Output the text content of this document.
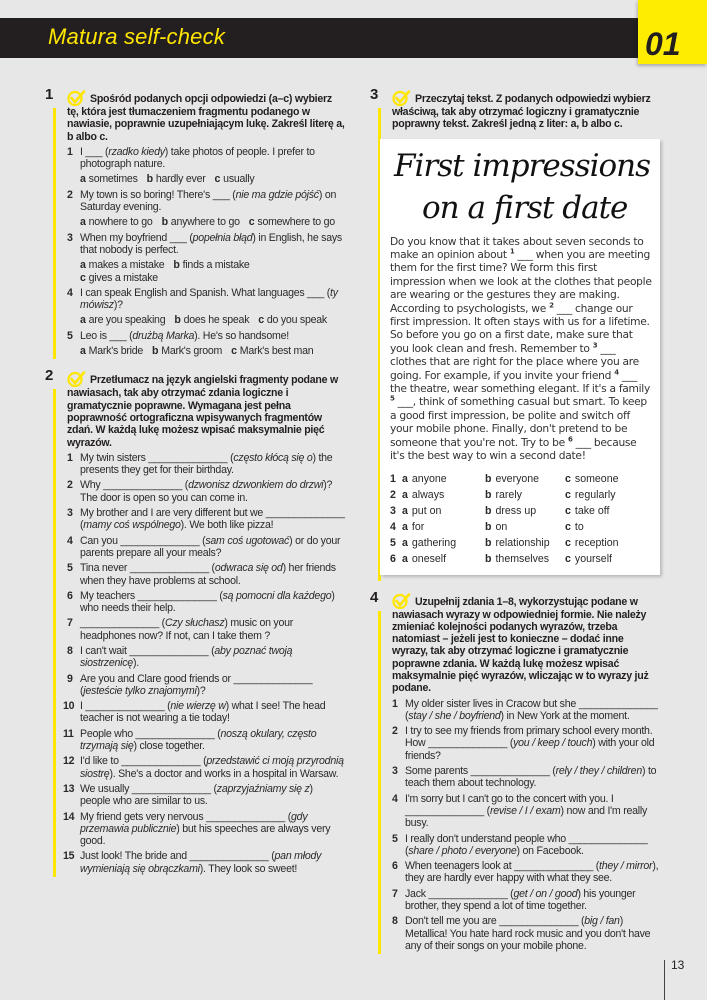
Matura self-check	01
1	Spośród podanych opcji odpowiedzi (a–c) wybierz tę, która jest tłumaczeniem fragmentu podanego w nawiasie, poprawnie uzupełniającym lukę. Zakreśl literę a, b albo c.
1 I ___ (rzadko kiedy) take photos of people. I prefer to photograph nature.
a sometimes b hardly ever c usually
2 My town is so boring! There's ___ (nie ma gdzie pójść) on Saturday evening.
a nowhere to go b anywhere to go c somewhere to go
3 When my boyfriend ___ (popełnia błąd) in English, he says that nobody is perfect.
a makes a mistake b finds a mistake
c gives a mistake
4 I can speak English and Spanish. What languages ___ (ty mówisz)?
a are you speaking b does he speak c do you speak
5 Leo is ___ (drużbą Marka). He's so handsome!
a Mark's bride b Mark's groom c Mark's best man
2	Przetłumacz na język angielski fragmenty podane w nawiasach, tak aby otrzymać zdania logiczne i gramatycznie poprawne. Wymagana jest pełna poprawność ortograficzna wpisywanych fragmentów zdań. W każdą lukę możesz wpisać maksymalnie pięć wyrazów.
1 My twin sisters ______________ (często kłócą się o) the presents they get for their birthday.
2 Why ______________ (dzwonisz dzwonkiem do drzwi)? The door is open so you can come in.
3 My brother and I are very different but we ______________ (mamy coś wspólnego). We both like pizza!
4 Can you ______________ (sam coś ugotować) or do your parents prepare all your meals?
5 Tina never ______________ (odwraca się od) her friends when they have problems at school.
6 My teachers ______________ (są pomocni dla każdego) who needs their help.
7 ______________ (Czy słuchasz) music on your headphones now? If not, can I take them ?
8 I can't wait ______________ (aby poznać twoją siostrzenicę).
9 Are you and Clare good friends or ______________ (jesteście tylko znajomymi)?
10 I ______________ (nie wierzę w) what I see! The head teacher is not wearing a tie today!
11 People who ______________ (noszą okulary, często trzymają się) close together.
12 I'd like to ______________ (przedstawić ci moją przyrodnią siostrę). She's a doctor and works in a hospital in Warsaw.
13 We usually ______________ (zaprzyjaźniamy się z) people who are similar to us.
14 My friend gets very nervous ______________ (gdy przemawia publicznie) but his speeches are always very good.
15 Just look! The bride and ______________ (pan młody wymieniają się obrączkami). They look so sweet!
3	Przeczytaj tekst. Z podanych odpowiedzi wybierz właściwą, tak aby otrzymać logiczny i gramatycznie poprawny tekst. Zakreśl jedną z liter: a, b albo c.
First impressions
on a first date
Do you know that it takes about seven seconds to make an opinion about $^1$ ___ when you are meeting them for the first time? We form this first impression when we look at the clothes that people are wearing or the gestures they are making. According to psychologists, we $^2$ ___ change our first impression. It often stays with us for a lifetime. So before you go on a first date, make sure that you look clean and fresh. Remember to $^3$ ___ clothes that are right for the place where you are going. For example, if you invite your friend $^4$ ___ the theatre, wear something elegant. If it's a family $^5$ ___, think of something casual but smart. To keep a good first impression, be polite and switch off your mobile phone. Finally, don't pretend to be someone that you're not. Try to be $^6$ ___ because it's the best way to win a second date!
1 a anyone	b everyone	c someone
2 a always	b rarely	c regularly
3 a put on	b dress up	c take off
4 a for	b on	c to
5 a gathering	b relationship	c reception
6 a oneself	b themselves	c yourself
4	Uzupełnij zdania 1–8, wykorzystując podane w nawiasach wyrazy w odpowiedniej formie. Nie należy zmieniać kolejności podanych wyrazów, trzeba natomiast – jeżeli jest to konieczne – dodać inne wyrazy, tak aby otrzymać logiczne i gramatycznie poprawne zdania. W każdą lukę możesz wpisać maksymalnie pięć wyrazów, wliczając w to wyrazy już podane.
1 My older sister lives in Cracow but she ______________ (stay / she / boyfriend) in New York at the moment.
2 I try to see my friends from primary school every month. How ______________ (you / keep / touch) with your old friends?
3 Some parents ______________ (rely / they / children) to teach them about technology.
4 I'm sorry but I can't go to the concert with you. I ______________ (revise / I / exam) now and I'm really busy.
5 I really don't understand people who ______________ (share / photo / everyone) on Facebook.
6 When teenagers look at ______________ (they / mirror), they are hardly ever happy with what they see.
7 Jack ______________ (get / on / good) his younger brother, they spend a lot of time together.
8 Don't tell me you are ______________ (big / fan) Metallica! You hate hard rock music and you don't have any of their songs on your mobile phone.
13
